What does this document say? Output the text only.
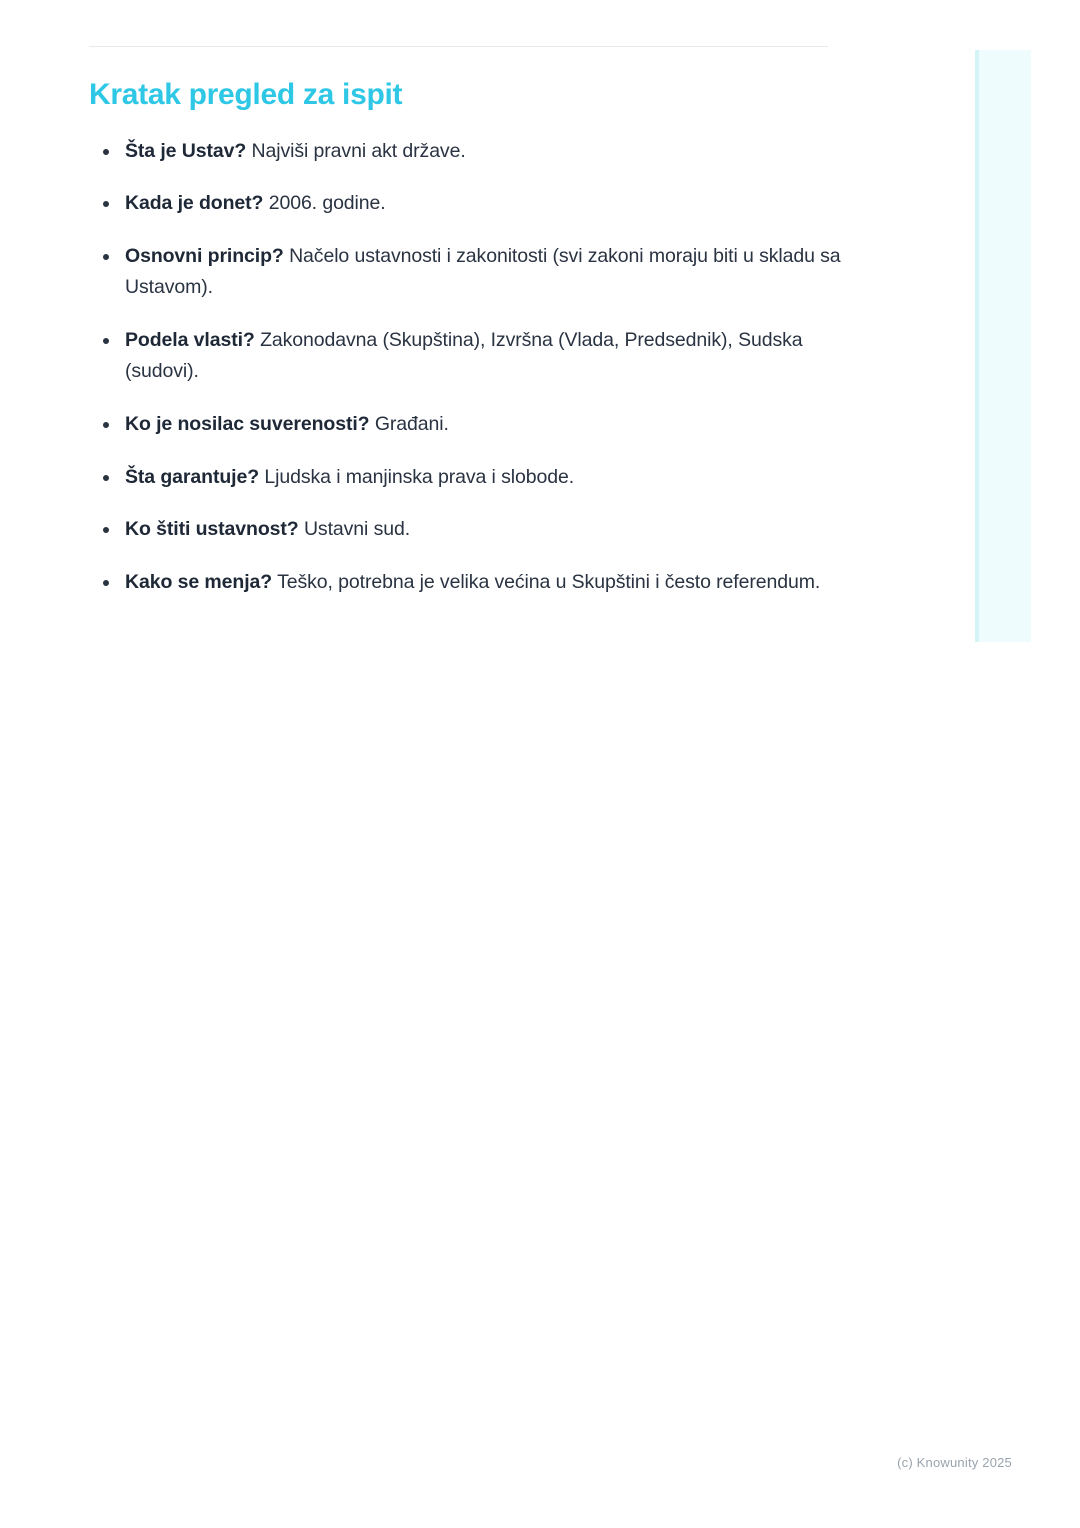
Kratak pregled za ispit
Šta je Ustav? Najviši pravni akt države.
Kada je donet? 2006. godine.
Osnovni princip? Načelo ustavnosti i zakonitosti (svi zakoni moraju biti u skladu sa Ustavom).
Podela vlasti? Zakonodavna (Skupština), Izvršna (Vlada, Predsednik), Sudska (sudovi).
Ko je nosilac suverenosti? Građani.
Šta garantuje? Ljudska i manjinska prava i slobode.
Ko štiti ustavnost? Ustavni sud.
Kako se menja? Teško, potrebna je velika većina u Skupštini i često referendum.
(c) Knowunity 2025
